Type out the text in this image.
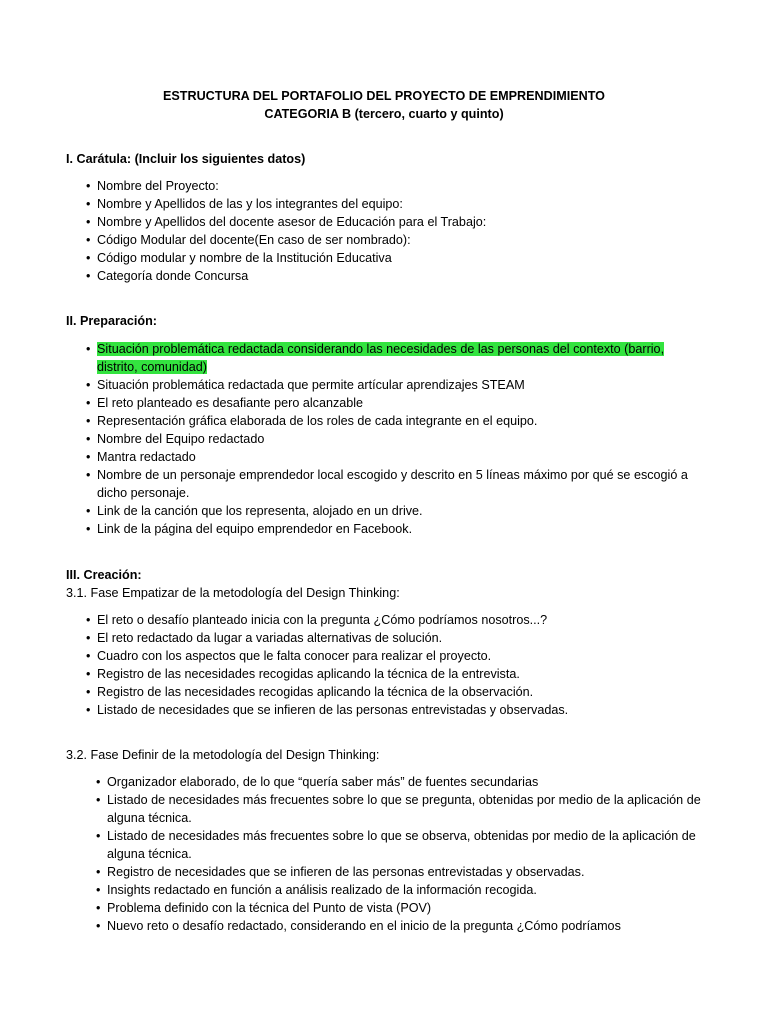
ESTRUCTURA DEL PORTAFOLIO DEL PROYECTO DE EMPRENDIMIENTO
CATEGORIA B (tercero, cuarto y quinto)
I. Carátula: (Incluir los siguientes datos)
• Nombre del Proyecto:
• Nombre y Apellidos de las y los integrantes del equipo:
• Nombre y Apellidos del docente asesor de Educación para el Trabajo:
• Código Modular del docente(En caso de ser nombrado):
• Código modular y nombre de la Institución Educativa
• Categoría donde Concursa
II. Preparación:
• Situación problemática redactada considerando las necesidades de las personas del contexto (barrio, distrito, comunidad)
• Situación problemática redactada que permite artícular aprendizajes STEAM
• El reto planteado es desafiante pero alcanzable
• Representación gráfica elaborada de los roles de cada integrante en el equipo.
• Nombre del Equipo redactado
• Mantra redactado
• Nombre de un personaje emprendedor local escogido y descrito en 5 líneas máximo por qué se escogió a dicho personaje.
• Link de la canción que los representa, alojado en un drive.
• Link de la página del equipo emprendedor en Facebook.
III. Creación:
3.1. Fase Empatizar de la metodología del Design Thinking:
• El reto o desafío planteado inicia con la pregunta ¿Cómo podríamos nosotros...?
• El reto redactado da lugar a variadas alternativas de solución.
• Cuadro con los aspectos que le falta conocer para realizar el proyecto.
• Registro de las necesidades recogidas aplicando la técnica de la entrevista.
• Registro de las necesidades recogidas aplicando la técnica de la observación.
• Listado de necesidades que se infieren de las personas entrevistadas y observadas.
3.2. Fase Definir de la metodología del Design Thinking:
• Organizador elaborado, de lo que “quería saber más” de fuentes secundarias
• Listado de necesidades más frecuentes sobre lo que se pregunta, obtenidas por medio de la aplicación de alguna técnica.
• Listado de necesidades más frecuentes sobre lo que se observa, obtenidas por medio de la aplicación de alguna técnica.
• Registro de necesidades que se infieren de las personas entrevistadas y observadas.
• Insights redactado en función a análisis realizado de la información recogida.
• Problema definido con la técnica del Punto de vista (POV)
• Nuevo reto o desafío redactado, considerando en el inicio de la pregunta ¿Cómo podríamos
